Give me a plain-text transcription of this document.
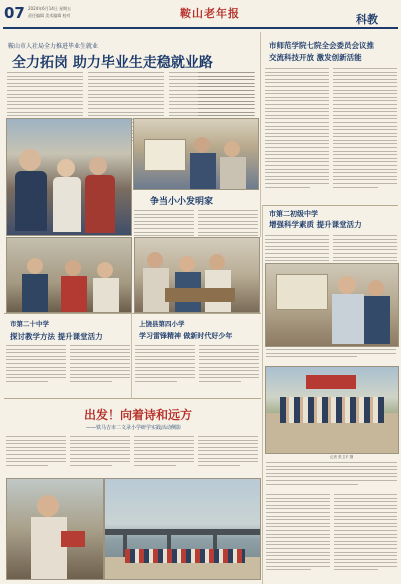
07 2024年6月14日 星期五
责任编辑 美术编辑 校对	鞍山老年报	科教
鞍山市人社局全力推进毕业生就业
全力拓岗 助力毕业生走稳就业路
市师范学院七院全会委员会议推
交流科技开放 激发创新活能
争当小小发明家
市第二初级中学
增强科学素质 提升课堂活力
记者 张卫平 摄
市第二十中学
探讨教学方法 提升课堂活力
上饶县第四小学
学习雷锋精神 做新时代好少年
出发！向着诗和远方
——铁马吉市二文录小学研学实践活动侧影
